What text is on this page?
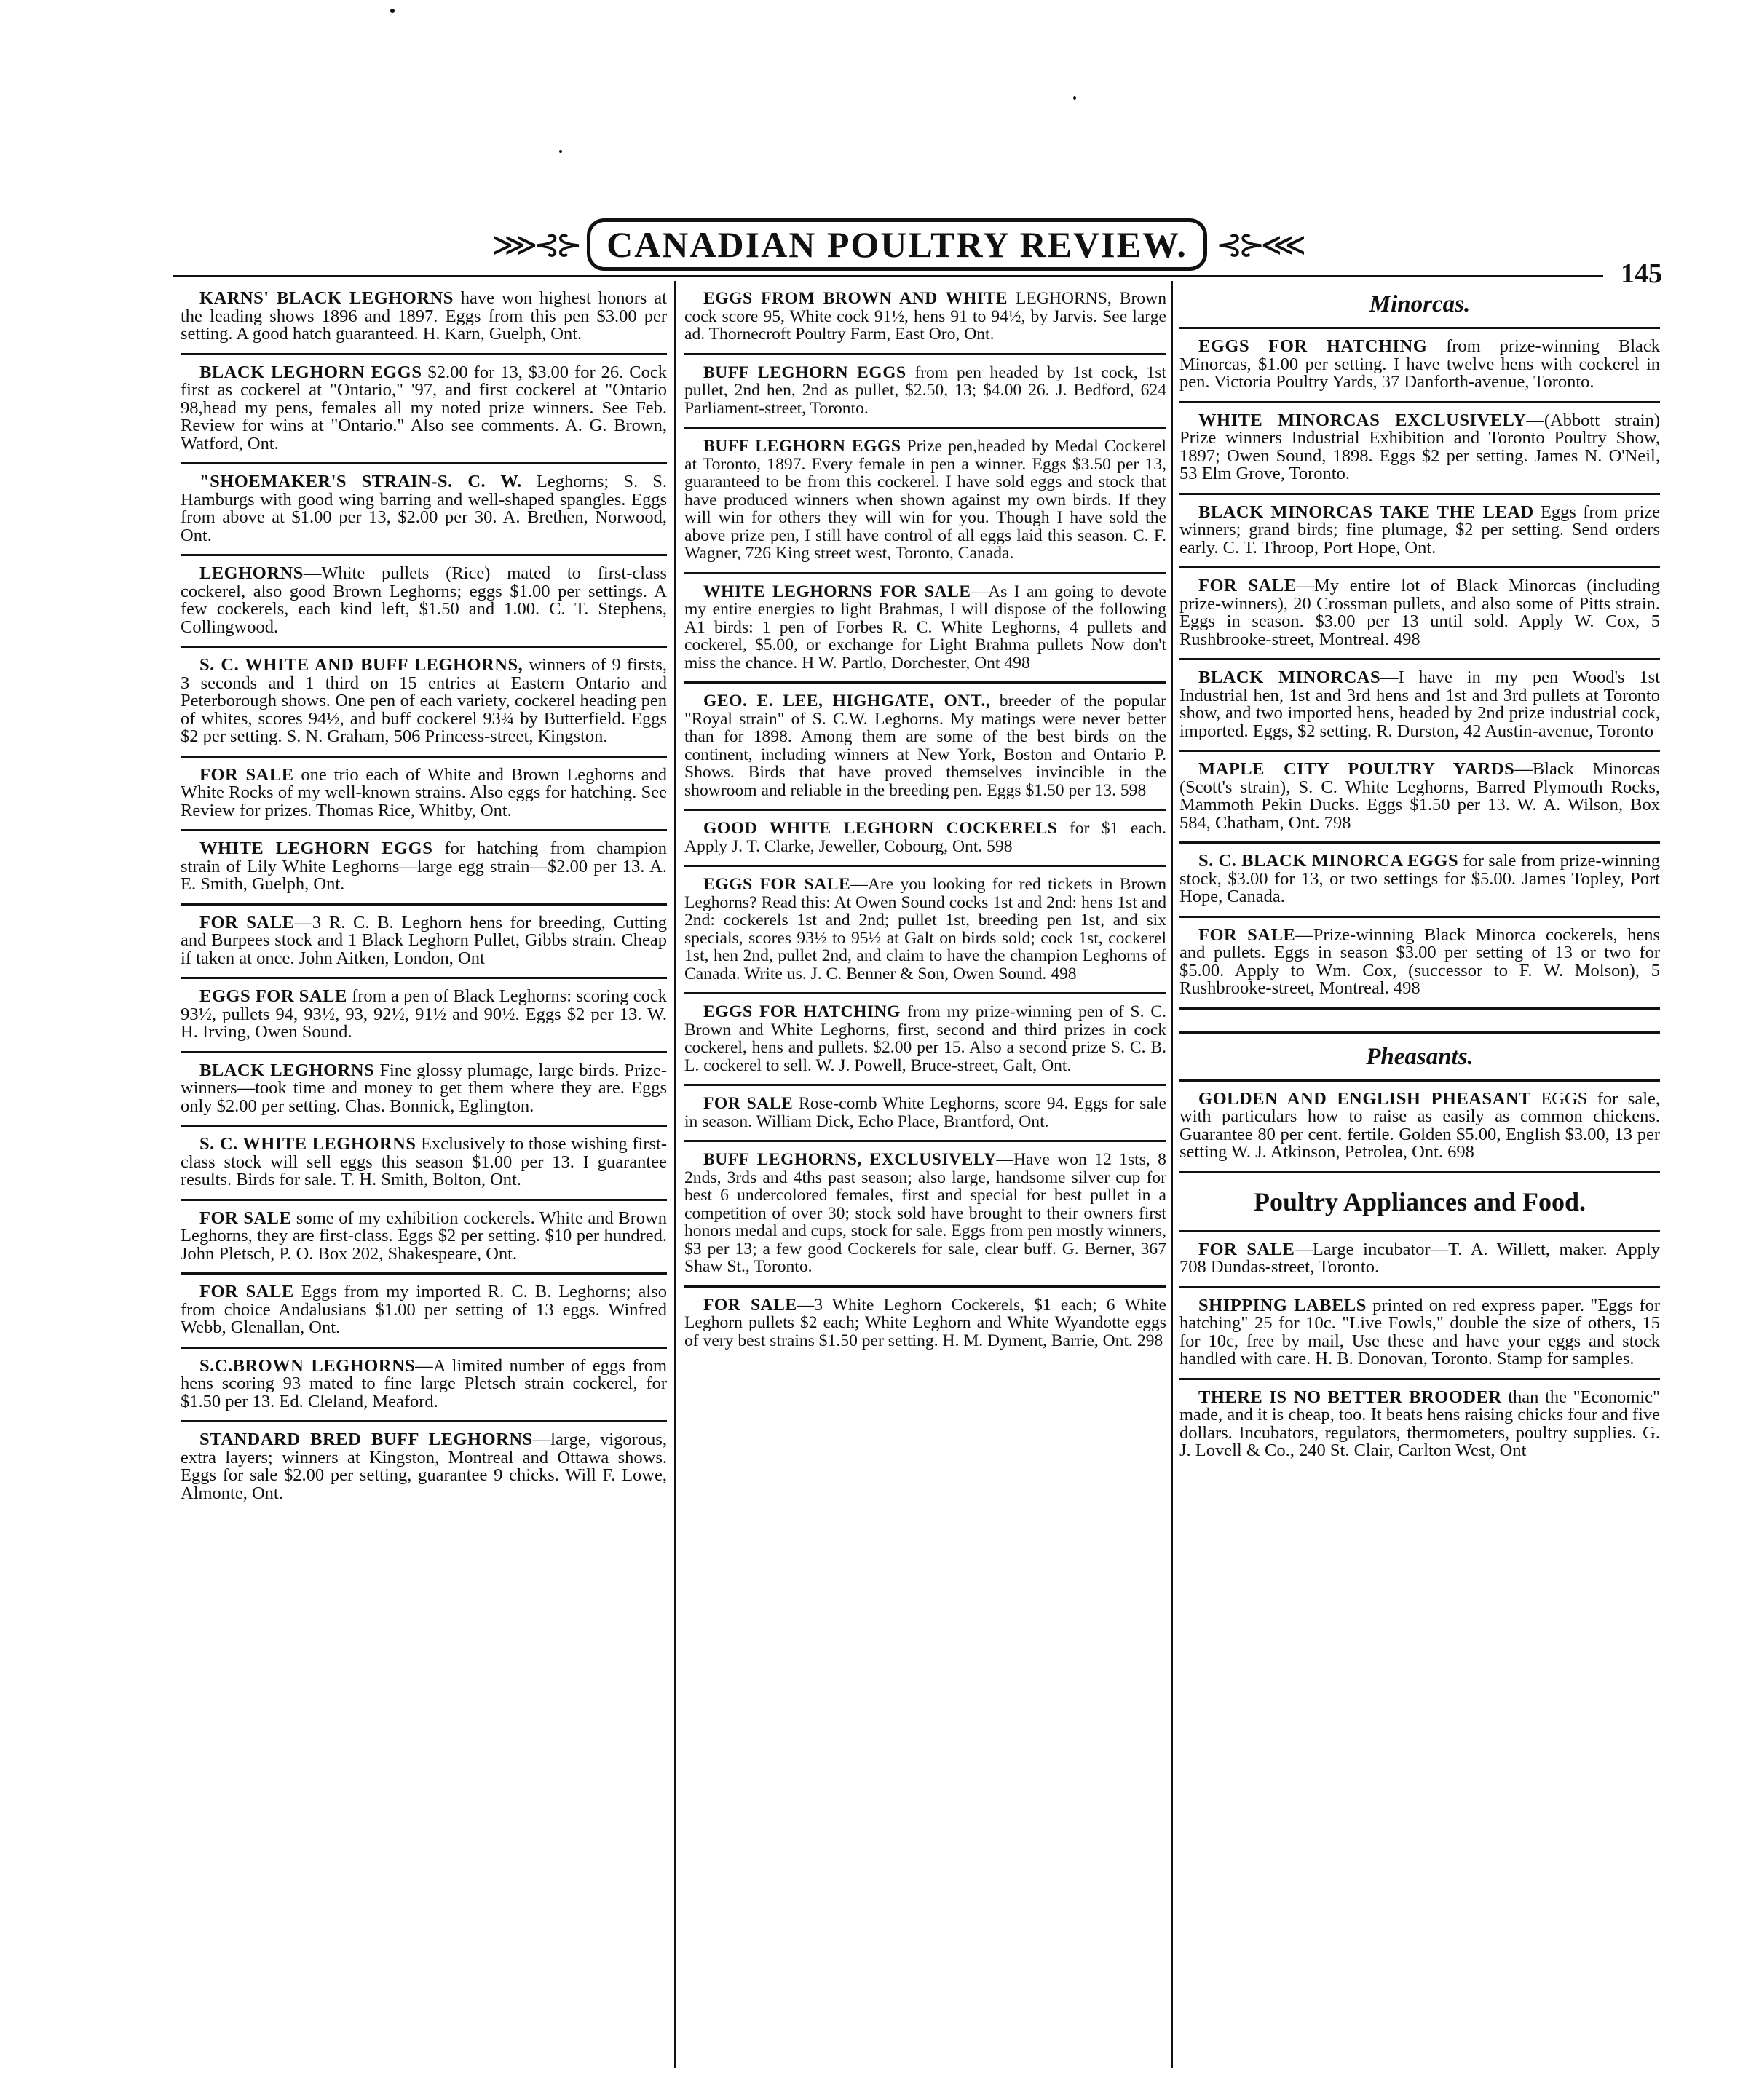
⋙⊰⊱ CANADIAN POULTRY REVIEW. ⊰⊱⋘
145

KARNS' BLACK LEGHORNS have won highest honors at the leading shows 1896 and 1897. Eggs from this pen $3.00 per setting. A good hatch guaranteed. H. Karn, Guelph, Ont.

BLACK LEGHORN EGGS $2.00 for 13, $3.00 for 26. Cock first as cockerel at "Ontario," '97, and first cockerel at "Ontario 98,head my pens, females all my noted prize winners. See Feb. Review for wins at "Ontario." Also see comments. A. G. Brown, Watford, Ont.

"SHOEMAKER'S STRAIN-S. C. W. Leghorns; S. S. Hamburgs with good wing barring and well-shaped spangles. Eggs from above at $1.00 per 13, $2.00 per 30. A. Brethen, Norwood, Ont.

LEGHORNS—White pullets (Rice) mated to first-class cockerel, also good Brown Leghorns; eggs $1.00 per settings. A few cockerels, each kind left, $1.50 and 1.00. C. T. Stephens, Collingwood.

S. C. WHITE AND BUFF LEGHORNS, winners of 9 firsts, 3 seconds and 1 third on 15 entries at Eastern Ontario and Peterborough shows. One pen of each variety, cockerel heading pen of whites, scores 94½, and buff cockerel 93¾ by Butterfield. Eggs $2 per setting. S. N. Graham, 506 Princess-street, Kingston.

FOR SALE one trio each of White and Brown Leghorns and White Rocks of my well-known strains. Also eggs for hatching. See Review for prizes. Thomas Rice, Whitby, Ont.

WHITE LEGHORN EGGS for hatching from champion strain of Lily White Leghorns—large egg strain—$2.00 per 13. A. E. Smith, Guelph, Ont.

FOR SALE—3 R. C. B. Leghorn hens for breeding, Cutting and Burpees stock and 1 Black Leghorn Pullet, Gibbs strain. Cheap if taken at once. John Aitken, London, Ont

EGGS FOR SALE from a pen of Black Leghorns: scoring cock 93½, pullets 94, 93½, 93, 92½, 91½ and 90½. Eggs $2 per 13. W. H. Irving, Owen Sound.

BLACK LEGHORNS Fine glossy plumage, large birds. Prize-winners—took time and money to get them where they are. Eggs only $2.00 per setting. Chas. Bonnick, Eglington.

S. C. WHITE LEGHORNS Exclusively to those wishing first-class stock will sell eggs this season $1.00 per 13. I guarantee results. Birds for sale. T. H. Smith, Bolton, Ont.

FOR SALE some of my exhibition cockerels. White and Brown Leghorns, they are first-class. Eggs $2 per setting. $10 per hundred. John Pletsch, P. O. Box 202, Shakespeare, Ont.

FOR SALE Eggs from my imported R. C. B. Leghorns; also from choice Andalusians $1.00 per setting of 13 eggs. Winfred Webb, Glenallan, Ont.

S.C.BROWN LEGHORNS—A limited number of eggs from hens scoring 93 mated to fine large Pletsch strain cockerel, for $1.50 per 13. Ed. Cleland, Meaford.

STANDARD BRED BUFF LEGHORNS—large, vigorous, extra layers; winners at Kingston, Montreal and Ottawa shows. Eggs for sale $2.00 per setting, guarantee 9 chicks. Will F. Lowe, Almonte, Ont.

EGGS FROM BROWN AND WHITE LEGHORNS, Brown cock score 95, White cock 91½, hens 91 to 94½, by Jarvis. See large ad. Thornecroft Poultry Farm, East Oro, Ont.

BUFF LEGHORN EGGS from pen headed by 1st cock, 1st pullet, 2nd hen, 2nd as pullet, $2.50, 13; $4.00 26. J. Bedford, 624 Parliament-street, Toronto.

BUFF LEGHORN EGGS Prize pen,headed by Medal Cockerel at Toronto, 1897. Every female in pen a winner. Eggs $3.50 per 13, guaranteed to be from this cockerel. I have sold eggs and stock that have produced winners when shown against my own birds. If they will win for others they will win for you. Though I have sold the above prize pen, I still have control of all eggs laid this season. C. F. Wagner, 726 King street west, Toronto, Canada.

WHITE LEGHORNS FOR SALE—As I am going to devote my entire energies to light Brahmas, I will dispose of the following A1 birds: 1 pen of Forbes R. C. White Leghorns, 4 pullets and cockerel, $5.00, or exchange for Light Brahma pullets Now don't miss the chance. H W. Partlo, Dorchester, Ont 498

GEO. E. LEE, HIGHGATE, ONT., breeder of the popular "Royal strain" of S. C.W. Leghorns. My matings were never better than for 1898. Among them are some of the best birds on the continent, including winners at New York, Boston and Ontario P. Shows. Birds that have proved themselves invincible in the showroom and reliable in the breeding pen. Eggs $1.50 per 13. 598

GOOD WHITE LEGHORN COCKERELS for $1 each. Apply J. T. Clarke, Jeweller, Cobourg, Ont. 598

EGGS FOR SALE—Are you looking for red tickets in Brown Leghorns? Read this: At Owen Sound cocks 1st and 2nd: hens 1st and 2nd: cockerels 1st and 2nd; pullet 1st, breeding pen 1st, and six specials, scores 93½ to 95½ at Galt on birds sold; cock 1st, cockerel 1st, hen 2nd, pullet 2nd, and claim to have the champion Leghorns of Canada. Write us. J. C. Benner & Son, Owen Sound. 498

EGGS FOR HATCHING from my prize-winning pen of S. C. Brown and White Leghorns, first, second and third prizes in cock cockerel, hens and pullets. $2.00 per 15. Also a second prize S. C. B. L. cockerel to sell. W. J. Powell, Bruce-street, Galt, Ont.

FOR SALE Rose-comb White Leghorns, score 94. Eggs for sale in season. William Dick, Echo Place, Brantford, Ont.

BUFF LEGHORNS, EXCLUSIVELY—Have won 12 1sts, 8 2nds, 3rds and 4ths past season; also large, handsome silver cup for best 6 undercolored females, first and special for best pullet in a competition of over 30; stock sold have brought to their owners first honors medal and cups, stock for sale. Eggs from pen mostly winners, $3 per 13; a few good Cockerels for sale, clear buff. G. Berner, 367 Shaw St., Toronto.

FOR SALE—3 White Leghorn Cockerels, $1 each; 6 White Leghorn pullets $2 each; White Leghorn and White Wyandotte eggs of very best strains $1.50 per setting. H. M. Dyment, Barrie, Ont. 298

Minorcas.

EGGS FOR HATCHING from prize-winning Black Minorcas, $1.00 per setting. I have twelve hens with cockerel in pen. Victoria Poultry Yards, 37 Danforth-avenue, Toronto.

WHITE MINORCAS EXCLUSIVELY—(Abbott strain) Prize winners Industrial Exhibition and Toronto Poultry Show, 1897; Owen Sound, 1898. Eggs $2 per setting. James N. O'Neil, 53 Elm Grove, Toronto.

BLACK MINORCAS TAKE THE LEAD Eggs from prize winners; grand birds; fine plumage, $2 per setting. Send orders early. C. T. Throop, Port Hope, Ont.

FOR SALE—My entire lot of Black Minorcas (including prize-winners), 20 Crossman pullets, and also some of Pitts strain. Eggs in season. $3.00 per 13 until sold. Apply W. Cox, 5 Rushbrooke-street, Montreal. 498

BLACK MINORCAS—I have in my pen Wood's 1st Industrial hen, 1st and 3rd hens and 1st and 3rd pullets at Toronto show, and two imported hens, headed by 2nd prize industrial cock, imported. Eggs, $2 setting. R. Durston, 42 Austin-avenue, Toronto

MAPLE CITY POULTRY YARDS—Black Minorcas (Scott's strain), S. C. White Leghorns, Barred Plymouth Rocks, Mammoth Pekin Ducks. Eggs $1.50 per 13. W. A. Wilson, Box 584, Chatham, Ont. 798

S. C. BLACK MINORCA EGGS for sale from prize-winning stock, $3.00 for 13, or two settings for $5.00. James Topley, Port Hope, Canada.

FOR SALE—Prize-winning Black Minorca cockerels, hens and pullets. Eggs in season $3.00 per setting of 13 or two for $5.00. Apply to Wm. Cox, (successor to F. W. Molson), 5 Rushbrooke-street, Montreal. 498

Pheasants.

GOLDEN AND ENGLISH PHEASANT EGGS for sale, with particulars how to raise as easily as common chickens. Guarantee 80 per cent. fertile. Golden $5.00, English $3.00, 13 per setting W. J. Atkinson, Petrolea, Ont. 698

Poultry Appliances and Food.

FOR SALE—Large incubator—T. A. Willett, maker. Apply 708 Dundas-street, Toronto.

SHIPPING LABELS printed on red express paper. "Eggs for hatching" 25 for 10c. "Live Fowls," double the size of others, 15 for 10c, free by mail, Use these and have your eggs and stock handled with care. H. B. Donovan, Toronto. Stamp for samples.

THERE IS NO BETTER BROODER than the "Economic" made, and it is cheap, too. It beats hens raising chicks four and five dollars. Incubators, regulators, thermometers, poultry supplies. G. J. Lovell & Co., 240 St. Clair, Carlton West, Ont
